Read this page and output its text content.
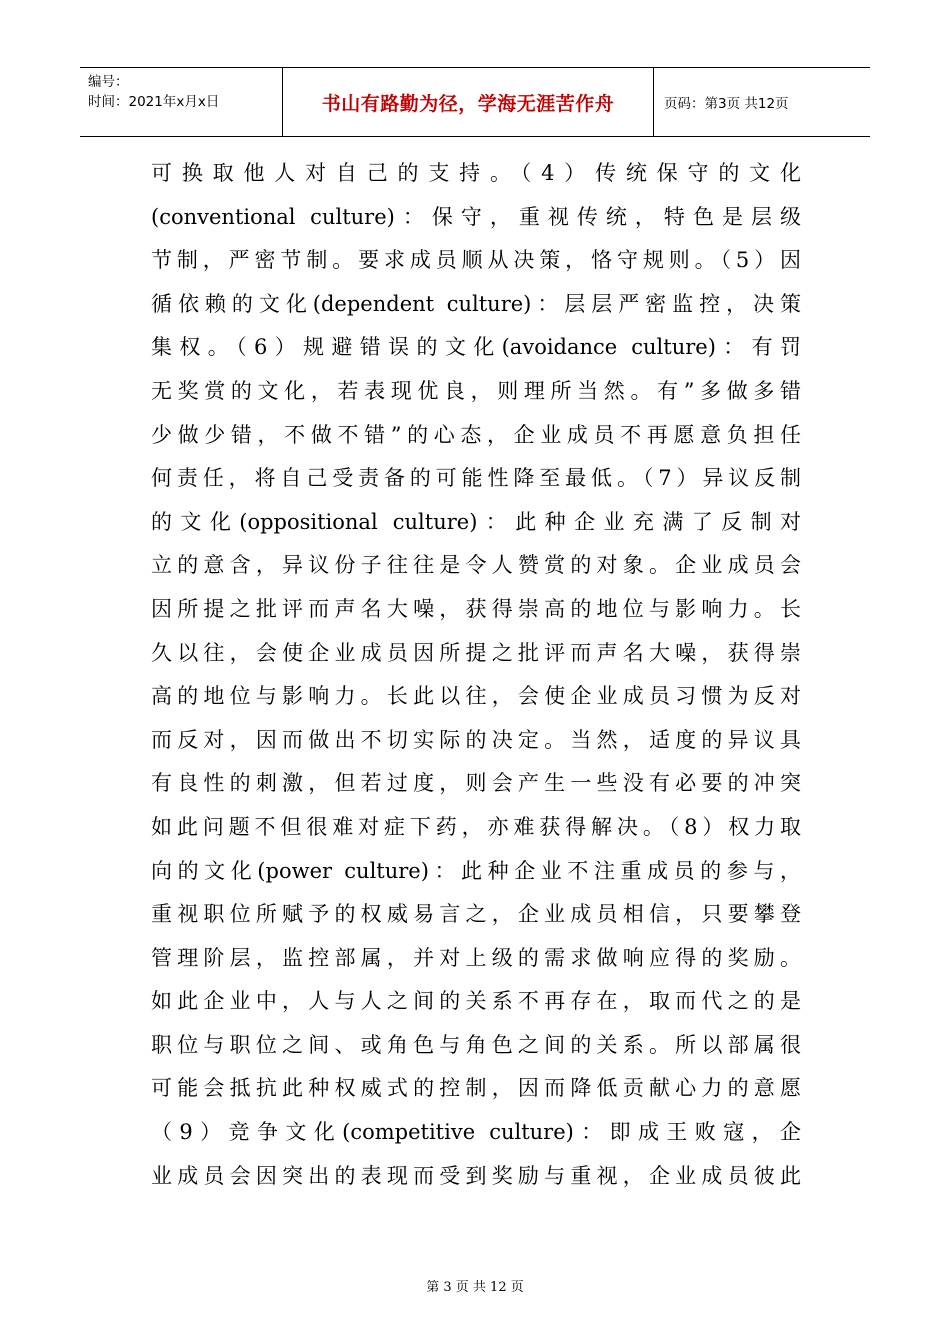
编号：
时间：2021年x月x日	书山有路勤为径，学海无涯苦作舟	页码：第3页 共12页
可换取他人对自己的支持。（4）传统保守的文化
(conventional culture)：保守，重视传统，特色是层级
节制，严密节制。要求成员顺从决策，恪守规则。（5）因
循依赖的文化(dependent culture)：层层严密监控，决策
集权。（6）规避错误的文化(avoidance culture)：有罚
无奖赏的文化，若表现优良，则理所当然。有”多做多错
少做少错，不做不错”的心态，企业成员不再愿意负担任
何责任，将自己受责备的可能性降至最低。（7）异议反制
的文化(oppositional culture)：此种企业充满了反制对
立的意含，异议份子往往是令人赞赏的对象。企业成员会
因所提之批评而声名大噪，获得崇高的地位与影响力。长
久以往，会使企业成员因所提之批评而声名大噪，获得崇
高的地位与影响力。长此以往，会使企业成员习惯为反对
而反对，因而做出不切实际的决定。当然，适度的异议具
有良性的刺激，但若过度，则会产生一些没有必要的冲突
如此问题不但很难对症下药，亦难获得解决。（8）权力取
向的文化(power culture)：此种企业不注重成员的参与，
重视职位所赋予的权威易言之，企业成员相信，只要攀登
管理阶层，监控部属，并对上级的需求做响应得的奖励。
如此企业中，人与人之间的关系不再存在，取而代之的是
职位与职位之间、或角色与角色之间的关系。所以部属很
可能会抵抗此种权威式的控制，因而降低贡献心力的意愿
（9）竞争文化(competitive culture)：即成王败寇，企
业成员会因突出的表现而受到奖励与重视，企业成员彼此
第 3 页 共 12 页
